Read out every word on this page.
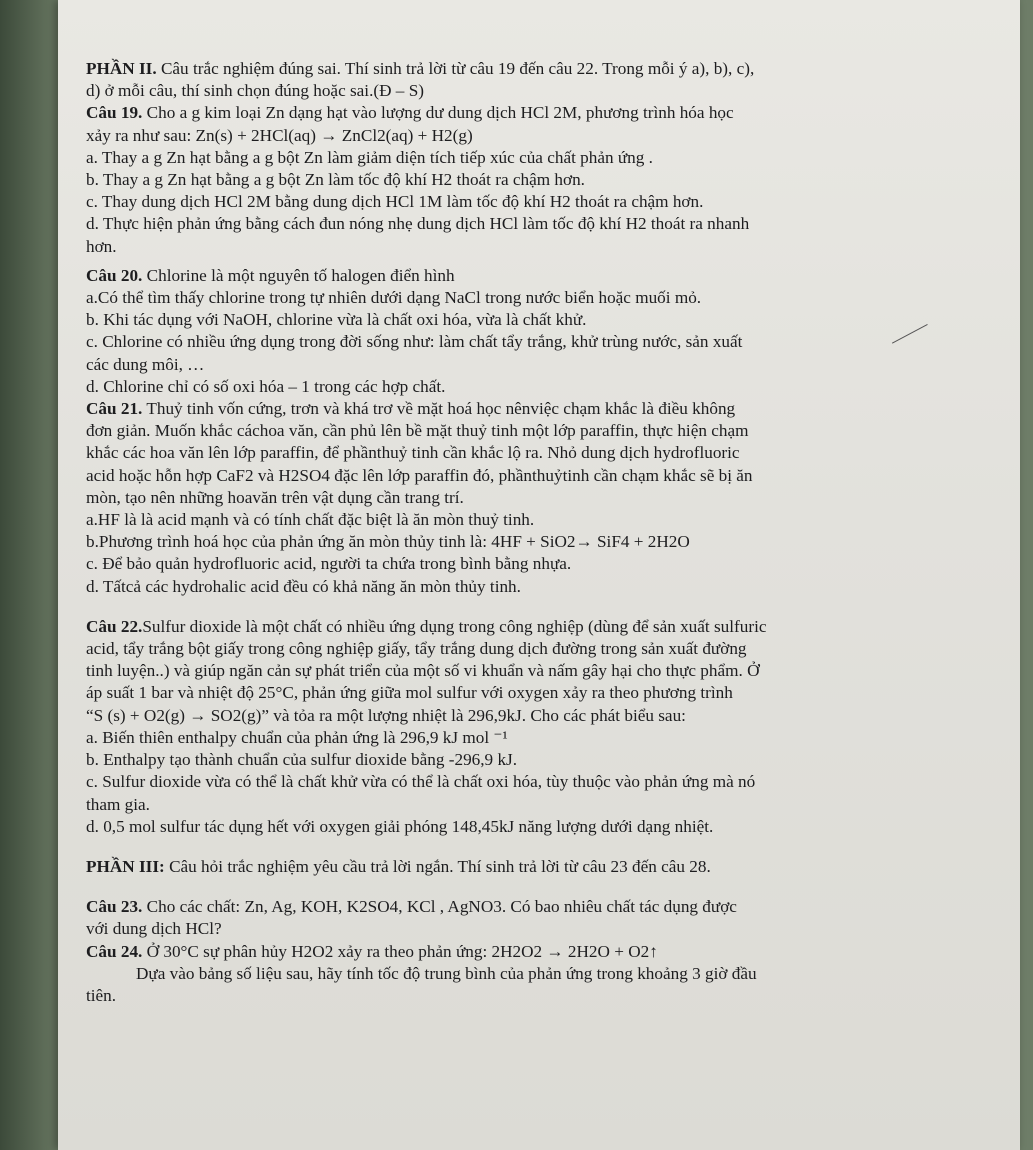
PHẦN II. Câu trắc nghiệm đúng sai. Thí sinh trả lời từ câu 19 đến câu 22. Trong mỗi ý a), b), c),
d) ở mỗi câu, thí sinh chọn đúng hoặc sai.(Đ – S)
Câu 19. Cho a g kim loại Zn dạng hạt vào lượng dư dung dịch HCl 2M, phương trình hóa học
xảy ra như sau: Zn(s) + 2HCl(aq) → ZnCl2(aq) + H2(g)
a. Thay a g Zn hạt bằng a g bột Zn làm giảm diện tích tiếp xúc của chất phản ứng .
b. Thay a g Zn hạt bằng a g bột Zn làm tốc độ khí H2 thoát ra chậm hơn.
c. Thay dung dịch HCl 2M bằng dung dịch HCl 1M làm tốc độ khí H2 thoát ra chậm hơn.
d. Thực hiện phản ứng bằng cách đun nóng nhẹ dung dịch HCl làm tốc độ khí H2 thoát ra nhanh
hơn.
Câu 20. Chlorine là một nguyên tố halogen điển hình
a.Có thể tìm thấy chlorine trong tự nhiên dưới dạng NaCl trong nước biển hoặc muối mỏ.
b. Khi tác dụng với NaOH, chlorine vừa là chất oxi hóa, vừa là chất khử.
c. Chlorine có nhiều ứng dụng trong đời sống như: làm chất tẩy trắng, khử trùng nước, sản xuất
các dung môi, …
d. Chlorine chỉ có số oxi hóa – 1 trong các hợp chất.
Câu 21. Thuỷ tinh vốn cứng, trơn và khá trơ về mặt hoá học nênviệc chạm khắc là điều không
đơn giản. Muốn khắc cáchoa văn, cần phủ lên bề mặt thuỷ tinh một lớp paraffin, thực hiện chạm
khắc các hoa văn lên lớp paraffin, để phầnthuỷ tinh cần khắc lộ ra. Nhỏ dung dịch hydrofluoric
acid hoặc hỗn hợp CaF2 và H2SO4 đặc lên lớp paraffin đó, phầnthuỷtinh cần chạm khắc sẽ bị ăn
mòn, tạo nên những hoavăn trên vật dụng cần trang trí.
a.HF là là acid mạnh và có tính chất đặc biệt là ăn mòn thuỷ tinh.
b.Phương trình hoá học của phản ứng ăn mòn thủy tinh là: 4HF + SiO2→ SiF4 + 2H2O
c. Để bảo quản hydrofluoric acid, người ta chứa trong bình bằng nhựa.
d. Tấtcả các hydrohalic acid đều có khả năng ăn mòn thủy tinh.
Câu 22.Sulfur dioxide là một chất có nhiều ứng dụng trong công nghiệp (dùng để sản xuất sulfuric
acid, tẩy trắng bột giấy trong công nghiệp giấy, tẩy trắng dung dịch đường trong sản xuất đường
tinh luyện..) và giúp ngăn cản sự phát triển của một số vi khuẩn và nấm gây hại cho thực phẩm. Ở
áp suất 1 bar và nhiệt độ 25°C, phản ứng giữa mol sulfur với oxygen xảy ra theo phương trình
“S (s) + O2(g) → SO2(g)” và tỏa ra một lượng nhiệt là 296,9kJ. Cho các phát biểu sau:
a. Biến thiên enthalpy chuẩn của phản ứng là 296,9 kJ mol ⁻¹
b. Enthalpy tạo thành chuẩn của sulfur dioxide bằng -296,9 kJ.
c. Sulfur dioxide vừa có thể là chất khử vừa có thể là chất oxi hóa, tùy thuộc vào phản ứng mà nó
tham gia.
d. 0,5 mol sulfur tác dụng hết với oxygen giải phóng 148,45kJ năng lượng dưới dạng nhiệt.
PHẦN III: Câu hỏi trắc nghiệm yêu cầu trả lời ngắn. Thí sinh trả lời từ câu 23 đến câu 28.
Câu 23. Cho các chất: Zn, Ag, KOH, K2SO4, KCl , AgNO3. Có bao nhiêu chất tác dụng được
với dung dịch HCl?
Câu 24. Ở 30°C sự phân hủy H2O2 xảy ra theo phản ứng: 2H2O2 → 2H2O + O2↑
Dựa vào bảng số liệu sau, hãy tính tốc độ trung bình của phản ứng trong khoảng 3 giờ đầu
tiên.
